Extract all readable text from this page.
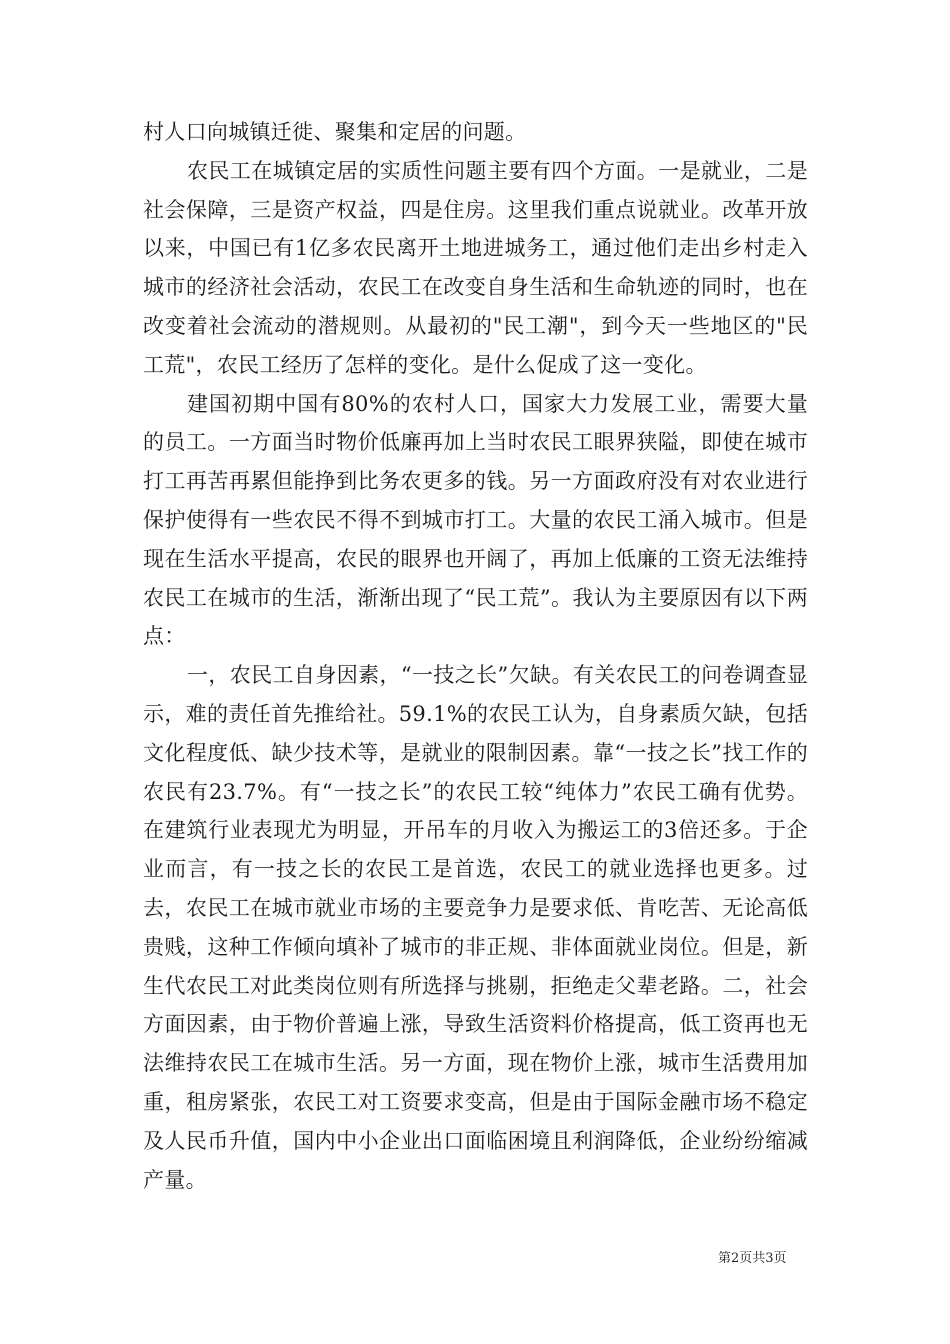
村人口向城镇迁徙、聚集和定居的问题。

农民工在城镇定居的实质性问题主要有四个方面。一是就业，二是社会保障，三是资产权益，四是住房。这里我们重点说就业。改革开放以来，中国已有1亿多农民离开土地进城务工，通过他们走出乡村走入城市的经济社会活动，农民工在改变自身生活和生命轨迹的同时，也在改变着社会流动的潜规则。从最初的"民工潮"，到今天一些地区的"民工荒"，农民工经历了怎样的变化。是什么促成了这一变化。

建国初期中国有80%的农村人口，国家大力发展工业，需要大量的员工。一方面当时物价低廉再加上当时农民工眼界狭隘，即使在城市打工再苦再累但能挣到比务农更多的钱。另一方面政府没有对农业进行保护使得有一些农民不得不到城市打工。大量的农民工涌入城市。但是现在生活水平提高，农民的眼界也开阔了，再加上低廉的工资无法维持农民工在城市的生活，渐渐出现了“民工荒”。我认为主要原因有以下两点：

一，农民工自身因素，“一技之长”欠缺。有关农民工的问卷调查显示，难的责任首先推给社。59.1%的农民工认为，自身素质欠缺，包括文化程度低、缺少技术等，是就业的限制因素。靠“一技之长”找工作的农民有23.7%。有“一技之长”的农民工较“纯体力”农民工确有优势。在建筑行业表现尤为明显，开吊车的月收入为搬运工的3倍还多。于企业而言，有一技之长的农民工是首选，农民工的就业选择也更多。过去，农民工在城市就业市场的主要竞争力是要求低、肯吃苦、无论高低贵贱，这种工作倾向填补了城市的非正规、非体面就业岗位。但是，新生代农民工对此类岗位则有所选择与挑剔，拒绝走父辈老路。二，社会方面因素，由于物价普遍上涨，导致生活资料价格提高，低工资再也无法维持农民工在城市生活。另一方面，现在物价上涨，城市生活费用加重，租房紧张，农民工对工资要求变高，但是由于国际金融市场不稳定及人民币升值，国内中小企业出口面临困境且利润降低，企业纷纷缩减产量。

第2页共3页
